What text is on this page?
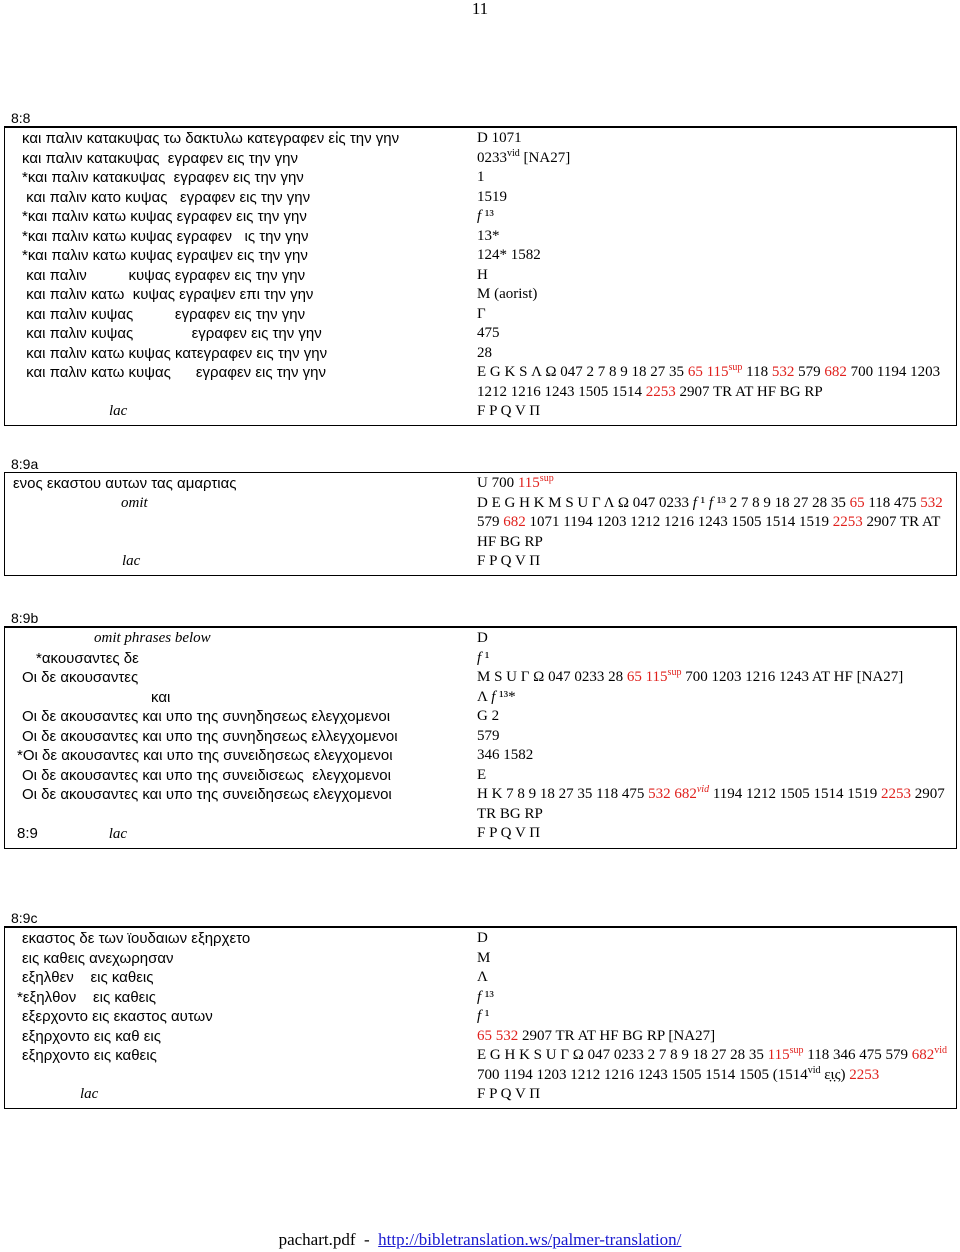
11
8:8
και παλιν κατακυψας τω δακτυλω κατεγραφεν εἰς την γην	D 1071
και παλιν κατακυψας  εγραφεν εις την γην	$0233^{vid}$ [NA27]
*και παλιν κατακυψας  εγραφεν εις την γην	1
και παλιν κατο κυψας   εγραφεν εις την γην	1519
*και παλιν κατω κυψας εγραφεν εις την γην	f ¹³
*και παλιν κατω κυψας εγραφεν   ις την γην	13*
*και παλιν κατω κυψας εγραψεν εις την γην	124* 1582
και παλιν          κυψας εγραφεν εις την γην	H
και παλιν κατω  κυψας εγραψεν επι την γην	M (aorist)
και παλιν κυψας          εγραφεν εις την γην	Γ
και παλιν κυψας              εγραφεν εις την γην	475
και παλιν κατω κυψας κατεγραφεν εις την γην	28
και παλιν κατω κυψας      εγραφεν εις την γην	E G K S Λ Ω 047 2 7 8 9 18 27 35 65 $115^{sup}$ 118 532 579 682 700 1194 1203 1212 1216 1243 1505 1514 2253 2907 TR AT HF BG RP
lac	F P Q V Π
8:9a
ενος εκαστου αυτων τας αμαρτιας	U 700 $115^{sup}$
omit	D E G H K M S U Γ Λ Ω 047 0233 f ¹ f ¹³ 2 7 8 9 18 27 28 35 65 118 475 532 579 682 1071 1194 1203 1212 1216 1243 1505 1514 1519 2253 2907 TR AT HF BG RP
lac	F P Q V Π
8:9b
omit phrases below	D
*ακουσαντες δε	f ¹
Oι δε ακουσαντες	M S U Γ Ω 047 0233 28 65 $115^{sup}$ 700 1203 1216 1243 AT HF [NA27]
και	Λ f ¹³*
Oι δε ακουσαντες και υπο της συνηδησεως ελεγχομενοι	G 2
Oι δε ακουσαντες και υπο της συνηδησεως ελλεγχομενοι	579
*Oι δε ακουσαντες και υπο της συνειδησεως ελεγχομενοι	346 1582
Oι δε ακουσαντες και υπο της συνειδισεως  ελεγχομενοι	E
Oι δε ακουσαντες και υπο της συνειδησεως ελεγχομενοι	H K 7 8 9 18 27 35 118 475 532 $682^{vid}$ 1194 1212 1505 1514 1519 2253 2907 TR BG RP
8:9                 lac	F P Q V Π
8:9c
εκαστος δε των ϊουδαιων εξηρχετο	D
εις καθεις ανεχωρησαν	M
εξηλθεν    εις καθεις	Λ
*εξηλθον    εις καθεις	f ¹³
εξερχοντο εις εκαστος αυτων	f ¹
εξηρχοντο εις καθ εις	65 532 2907 TR AT HF BG RP [NA27]
εξηρχοντο εις καθεις	E G H K S U Γ Ω 047 0233 2 7 8 9 18 27 28 35 $115^{sup}$ 118 346 475 579 $682^{vid}$ 700 1194 1203 1212 1216 1243 1505 1514 1505 ($1514^{vid}$ ε̣ι̣ς) 2253
lac	F P Q V Π
pachart.pdf  -  http://bibletranslation.ws/palmer-translation/
